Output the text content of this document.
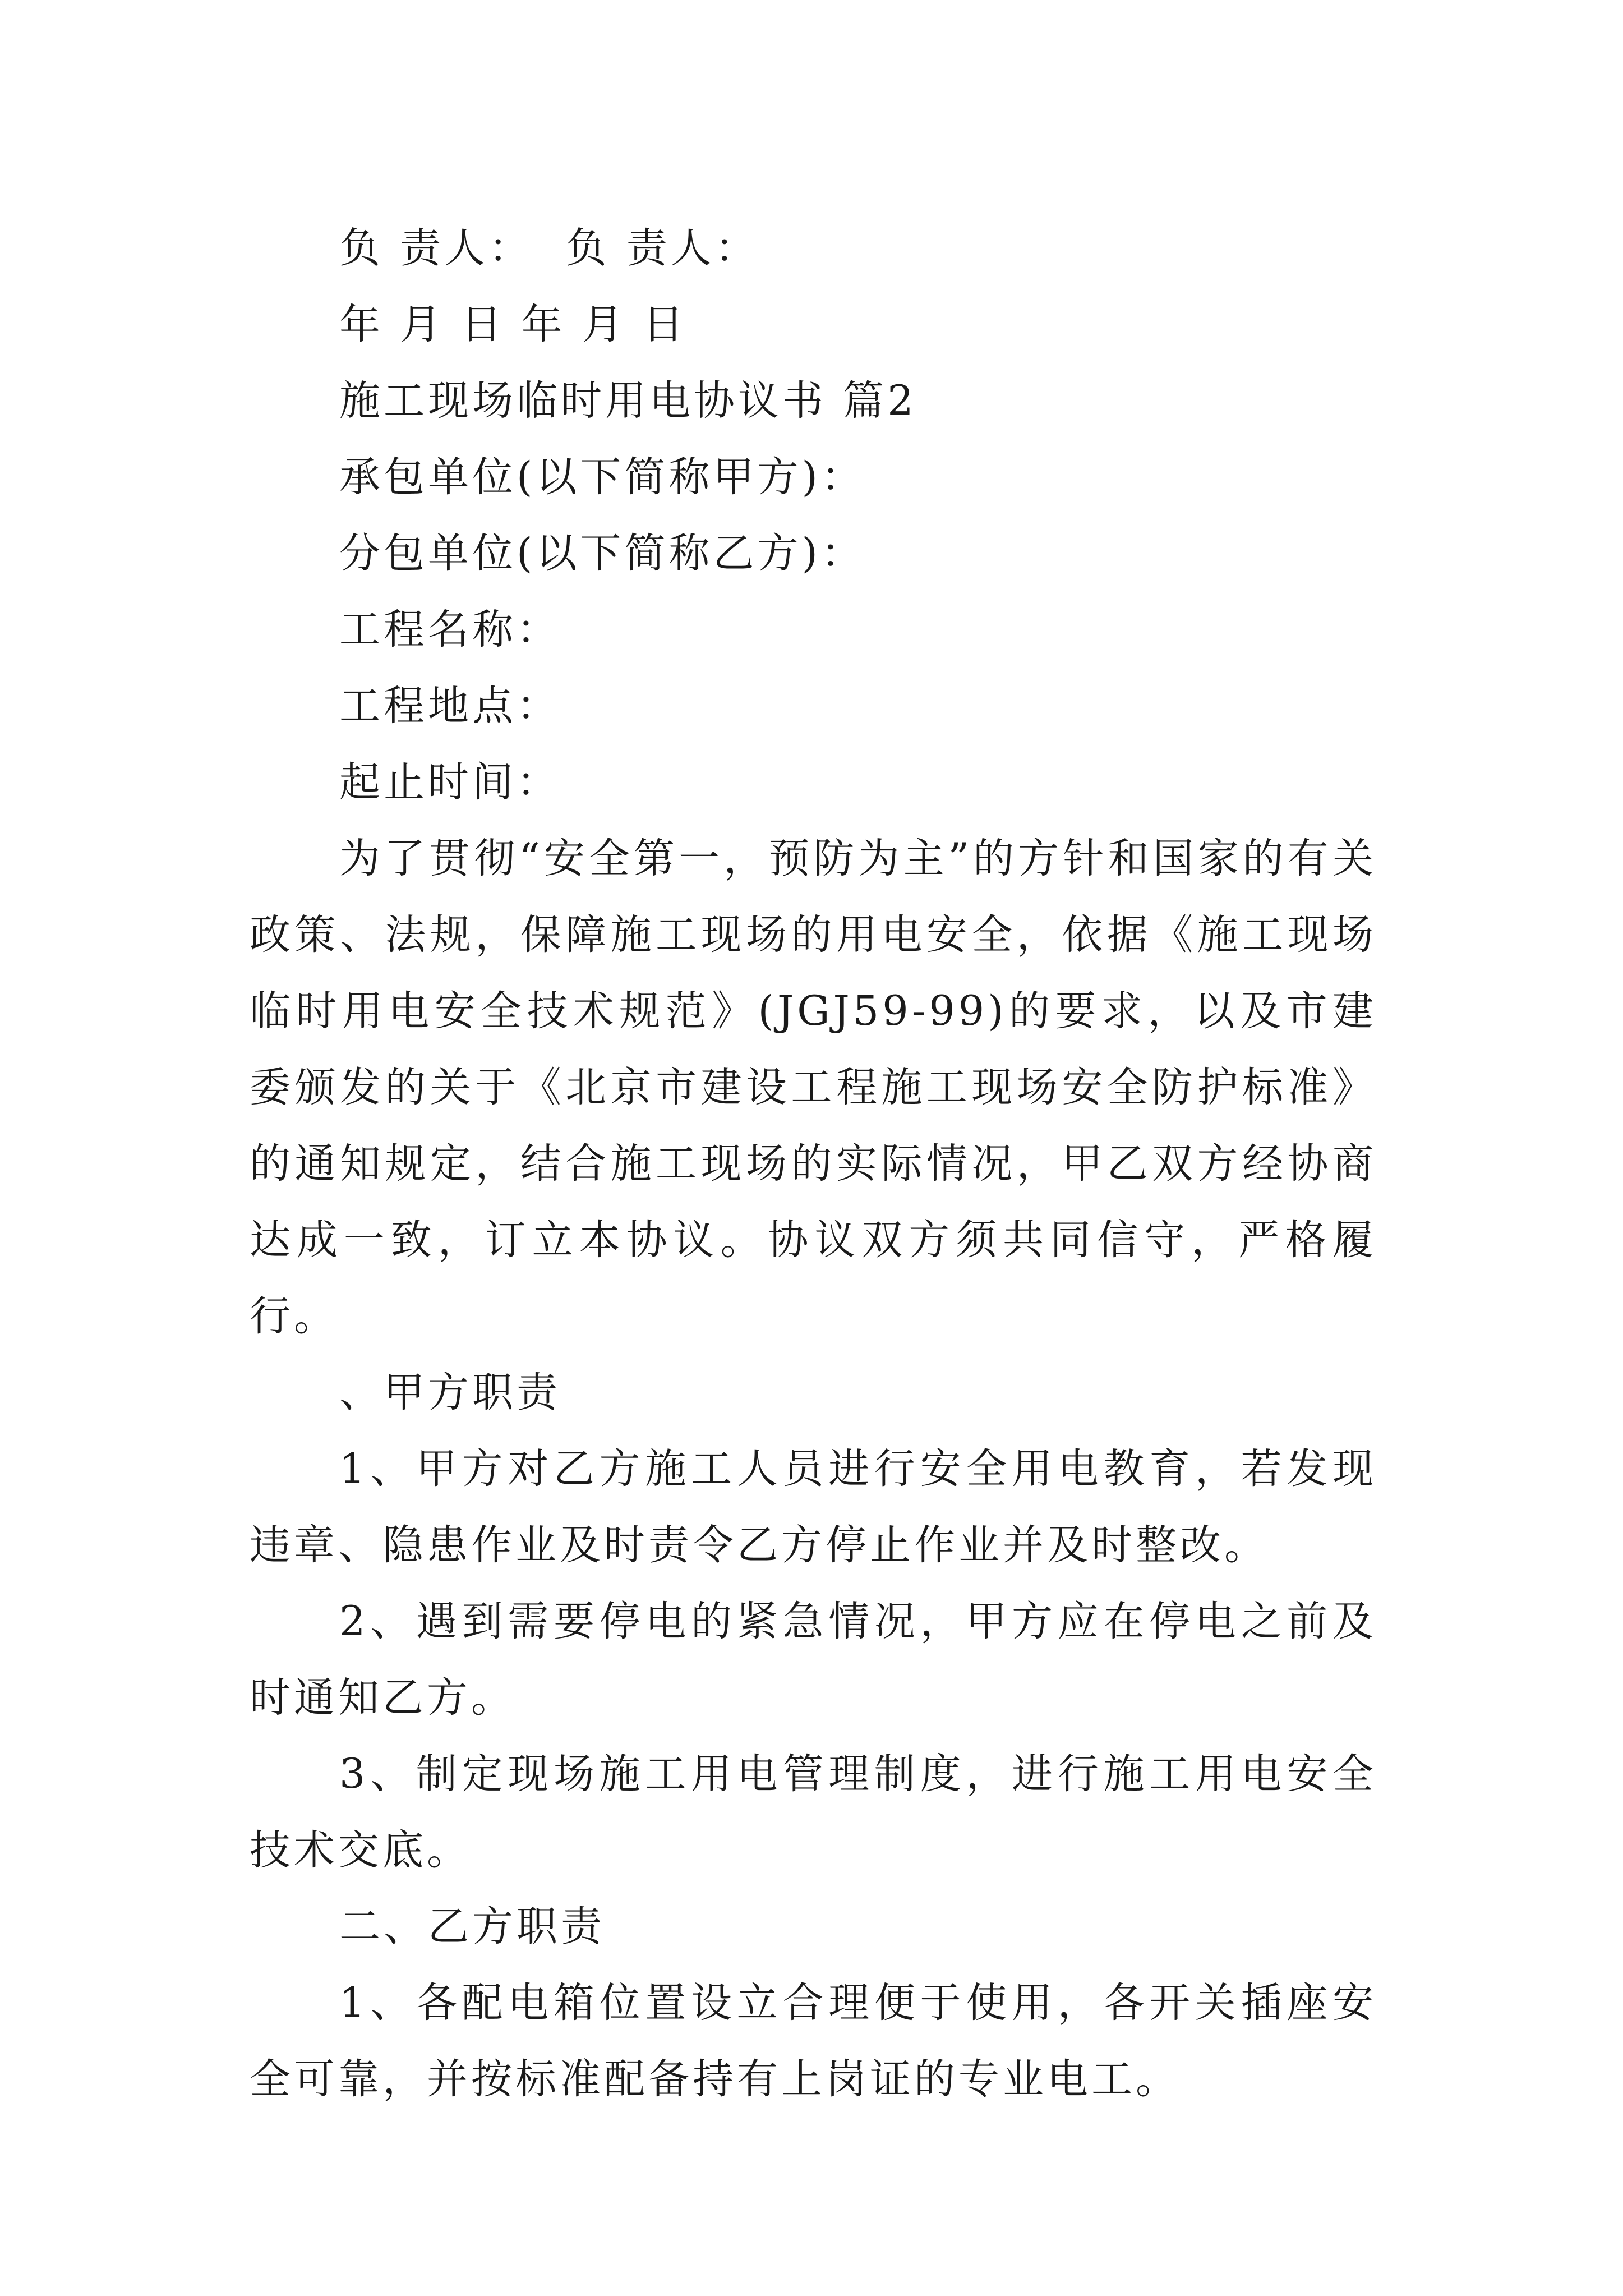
负 责人：  负 责人：
年 月 日 年 月 日
施工现场临时用电协议书 篇2
承包单位(以下简称甲方)：
分包单位(以下简称乙方)：
工程名称：
工程地点：
起止时间：

为了贯彻“安全第一，预防为主”的方针和国家的有关政策、法规，保障施工现场的用电安全，依据《施工现场临时用电安全技术规范》(JGJ59-99)的要求，以及市建委颁发的关于《北京市建设工程施工现场安全防护标准》的通知规定，结合施工现场的实际情况，甲乙双方经协商达成一致，订立本协议。协议双方须共同信守，严格履行。

、甲方职责

1、甲方对乙方施工人员进行安全用电教育，若发现违章、隐患作业及时责令乙方停止作业并及时整改。

2、遇到需要停电的紧急情况，甲方应在停电之前及时通知乙方。

3、制定现场施工用电管理制度，进行施工用电安全技术交底。

二、乙方职责

1、各配电箱位置设立合理便于使用，各开关插座安全可靠，并按标准配备持有上岗证的专业电工。
